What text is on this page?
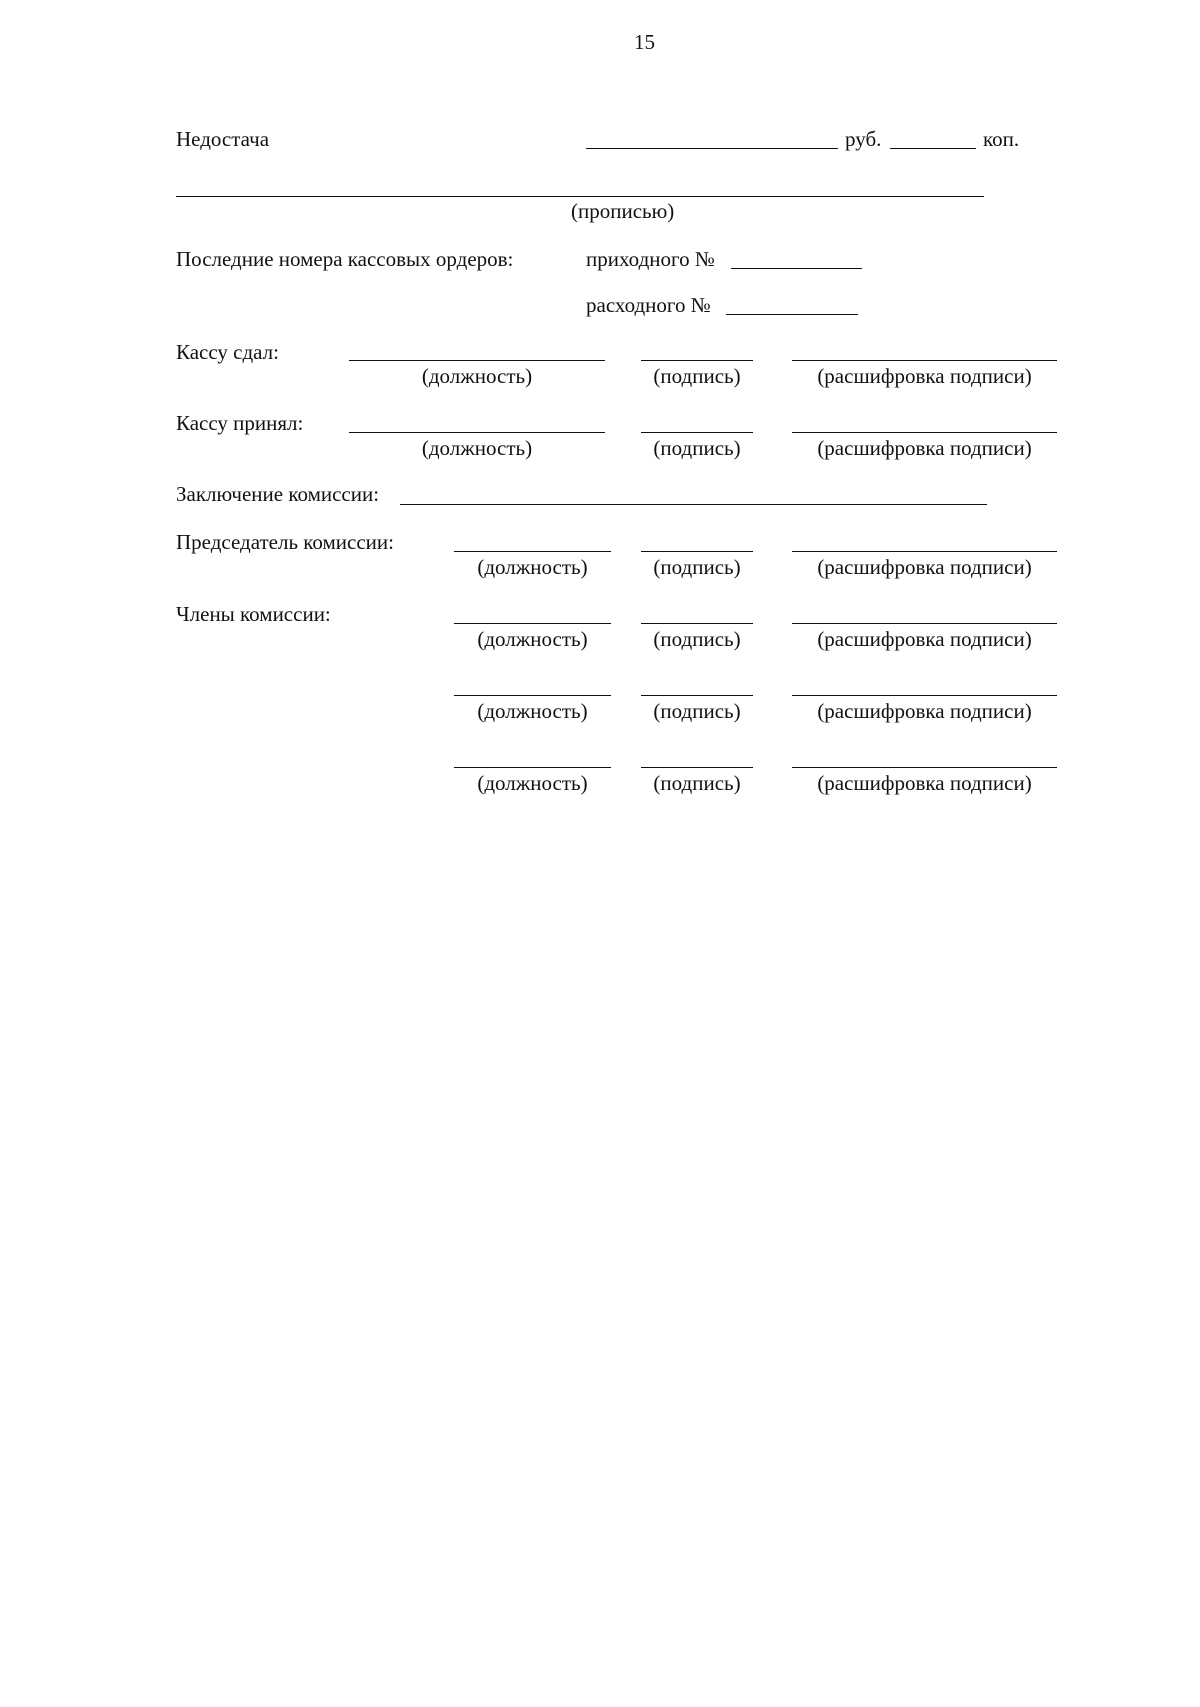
15
Недостача	руб.	коп.
(прописью)
Последние номера кассовых ордеров:	приходного №
расходного №
Кассу сдал:
(должность)	(подпись)	(расшифровка подписи)
Кассу принял:
(должность)	(подпись)	(расшифровка подписи)
Заключение комиссии:
Председатель комиссии:
(должность)	(подпись)	(расшифровка подписи)
Члены комиссии:
(должность)	(подпись)	(расшифровка подписи)
(должность)	(подпись)	(расшифровка подписи)
(должность)	(подпись)	(расшифровка подписи)
